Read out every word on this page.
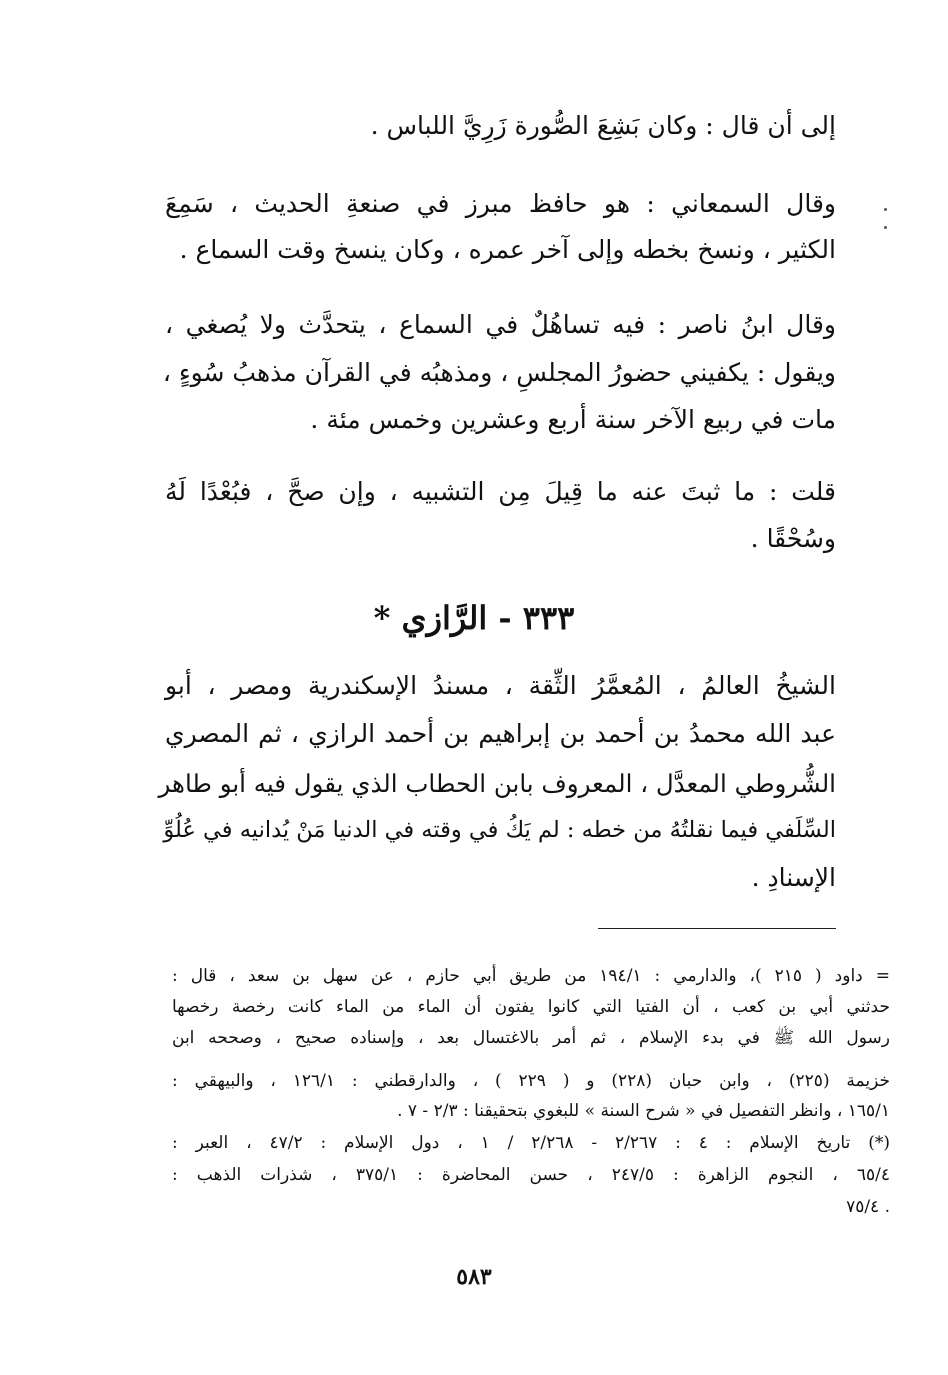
إلى أن قال : وكان بَشِعَ الصُّورة زَرِيَّ اللباس .
وقال السمعاني : هو حافظ مبرز في صنعةِ الحديث ، سَمِعَ
الكثير ، ونسخ بخطه وإلى آخر عمره ، وكان ينسخ وقت السماع .
وقال ابنُ ناصر : فيه تساهُلٌ في السماع ، يتحدَّث ولا يُصغي ،
ويقول : يكفيني حضورُ المجلسِ ، ومذهبُه في القرآن مذهبُ سُوءٍ ،
مات في ربيع الآخر سنة أربع وعشرين وخمس مئة .
قلت : ما ثبتَ عنه ما قِيلَ مِن التشبيه ، وإن صحَّ ، فبُعْدًا لَهُ
وسُحْقًا .
٣٣٣ - الرَّازي *
الشيخُ العالمُ ، المُعمَّرُ الثِّقة ، مسندُ الإسكندرية ومصر ، أبو
عبد الله محمدُ بن أحمد بن إبراهيم بن أحمد الرازي ، ثم المصري
الشُّروطي المعدَّل ، المعروف بابن الحطاب الذي يقول فيه أبو طاهر
السِّلَفي فيما نقلتُهُ من خطه : لم يَكُ في وقته في الدنيا مَنْ يُدانيه في عُلُوِّ
الإسنادِ .
= داود ( ٢١٥ )، والدارمي : ١٩٤/١ من طريق أبي حازم ، عن سهل بن سعد ، قال :
حدثني أبي بن كعب ، أن الفتيا التي كانوا يفتون أن الماء من الماء كانت رخصة رخصها
رسول الله ﷺ في بدء الإسلام ، ثم أمر بالاغتسال بعد ، وإسناده صحيح ، وصححه ابن
خزيمة (٢٢٥) ، وابن حبان (٢٢٨) و ( ٢٢٩ ) ، والدارقطني : ١٢٦/١ ، والبيهقي :
١٦٥/١ ، وانظر التفصيل في « شرح السنة » للبغوي بتحقيقنا : ٢/٣ - ٧ .
(*) تاريخ الإسلام : ٤ : ٢/٢٦٧ - ٢/٢٦٨ / ١ ، دول الإسلام : ٤٧/٢ ، العبر :
٦٥/٤ ، النجوم الزاهرة : ٢٤٧/٥ ، حسن المحاضرة : ٣٧٥/١ ، شذرات الذهب :
٧٥/٤ .
٥٨٣
